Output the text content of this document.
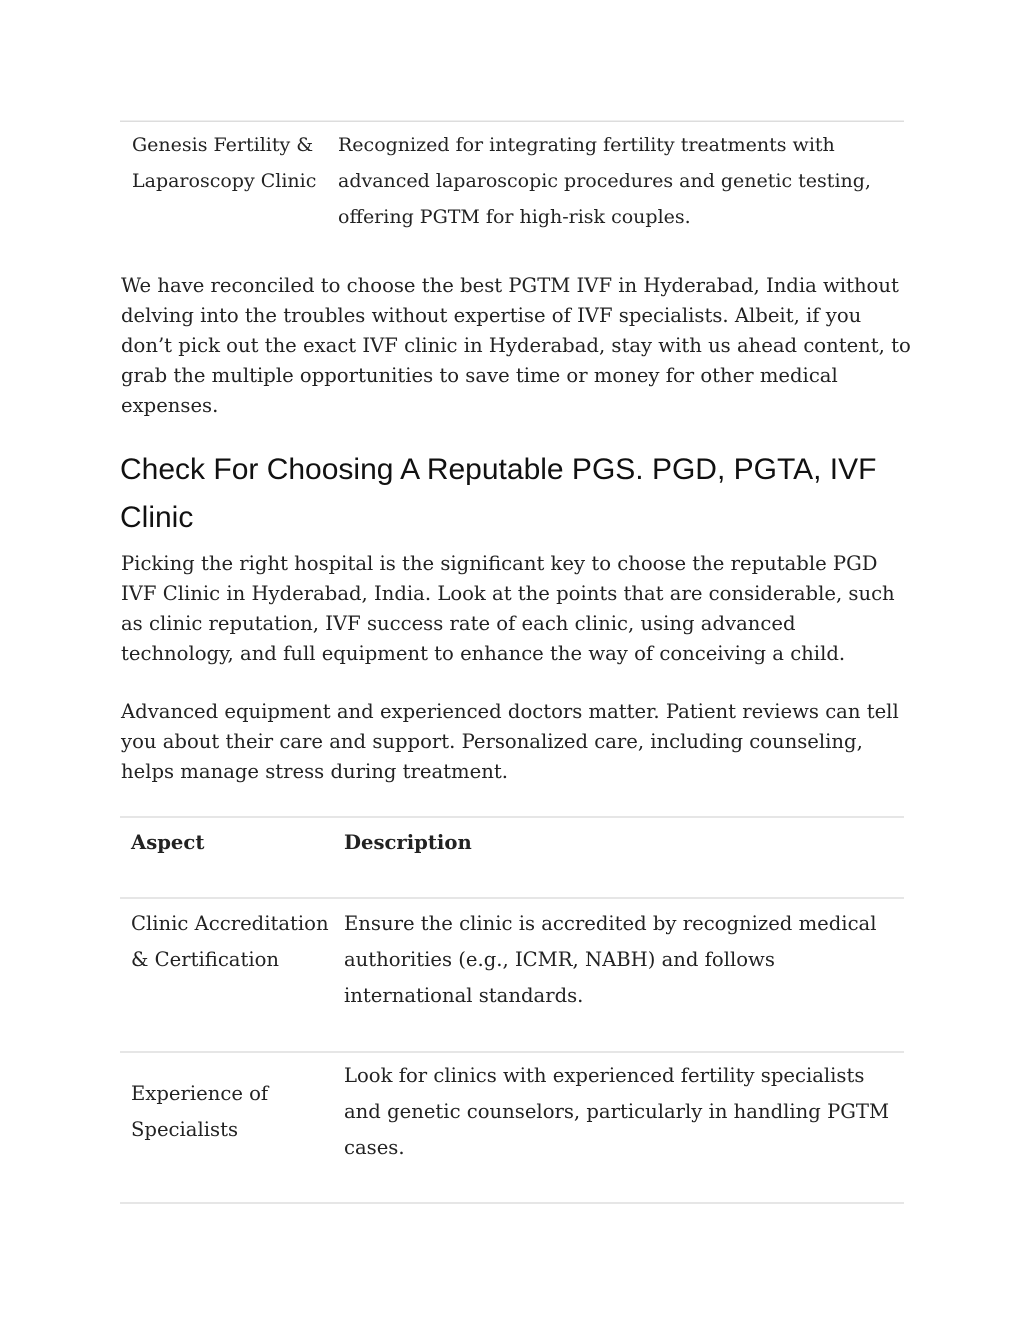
Genesis Fertility & Laparoscopy Clinic
Recognized for integrating fertility treatments with advanced laparoscopic procedures and genetic testing, offering PGTM for high-risk couples.

We have reconciled to choose the best PGTM IVF in Hyderabad, India without delving into the troubles without expertise of IVF specialists. Albeit, if you don’t pick out the exact IVF clinic in Hyderabad, stay with us ahead content, to grab the multiple opportunities to save time or money for other medical expenses.

Check For Choosing A Reputable PGS. PGD, PGTA, IVF Clinic

Picking the right hospital is the significant key to choose the reputable PGD IVF Clinic in Hyderabad, India. Look at the points that are considerable, such as clinic reputation, IVF success rate of each clinic, using advanced technology, and full equipment to enhance the way of conceiving a child.

Advanced equipment and experienced doctors matter. Patient reviews can tell you about their care and support. Personalized care, including counseling, helps manage stress during treatment.

Aspect	Description
Clinic Accreditation & Certification
Ensure the clinic is accredited by recognized medical authorities (e.g., ICMR, NABH) and follows international standards.
Experience of Specialists
Look for clinics with experienced fertility specialists and genetic counselors, particularly in handling PGTM cases.
